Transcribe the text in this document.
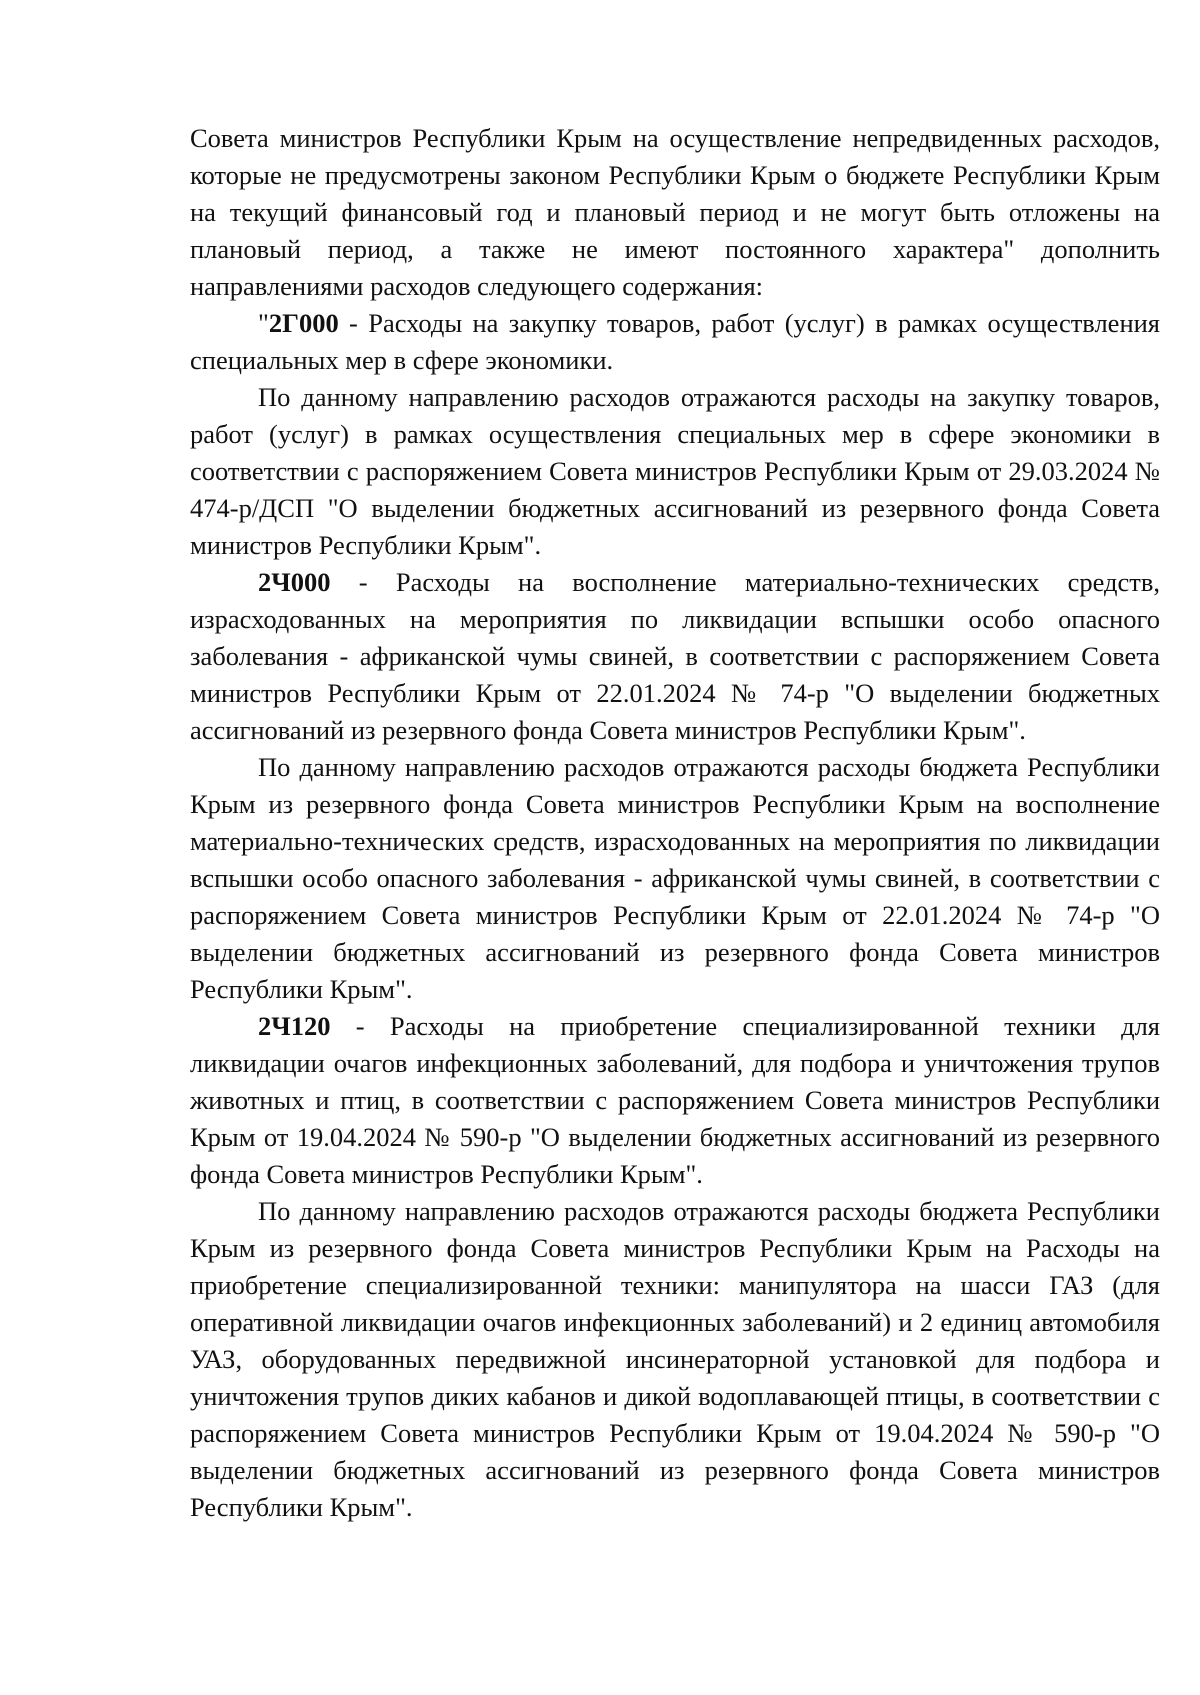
Совета министров Республики Крым на осуществление непредвиденных расходов, которые не предусмотрены законом Республики Крым о бюджете Республики Крым на текущий финансовый год и плановый период и не могут быть отложены на плановый период, а также не имеют постоянного характера" дополнить направлениями расходов следующего содержания:

"2Г000 - Расходы на закупку товаров, работ (услуг) в рамках осуществления специальных мер в сфере экономики.

По данному направлению расходов отражаются расходы на закупку товаров, работ (услуг) в рамках осуществления специальных мер в сфере экономики в соответствии с распоряжением Совета министров Республики Крым от 29.03.2024 № 474-р/ДСП "О выделении бюджетных ассигнований из резервного фонда Совета министров Республики Крым".

2Ч000 - Расходы на восполнение материально-технических средств, израсходованных на мероприятия по ликвидации вспышки особо опасного заболевания - африканской чумы свиней, в соответствии с распоряжением Совета министров Республики Крым от 22.01.2024 № 74-р "О выделении бюджетных ассигнований из резервного фонда Совета министров Республики Крым".

По данному направлению расходов отражаются расходы бюджета Республики Крым из резервного фонда Совета министров Республики Крым на восполнение материально-технических средств, израсходованных на мероприятия по ликвидации вспышки особо опасного заболевания - африканской чумы свиней, в соответствии с распоряжением Совета министров Республики Крым от 22.01.2024 № 74-р "О выделении бюджетных ассигнований из резервного фонда Совета министров Республики Крым".

2Ч120 - Расходы на приобретение специализированной техники для ликвидации очагов инфекционных заболеваний, для подбора и уничтожения трупов животных и птиц, в соответствии с распоряжением Совета министров Республики Крым от 19.04.2024 № 590-р "О выделении бюджетных ассигнований из резервного фонда Совета министров Республики Крым".

По данному направлению расходов отражаются расходы бюджета Республики Крым из резервного фонда Совета министров Республики Крым на Расходы на приобретение специализированной техники: манипулятора на шасси ГАЗ (для оперативной ликвидации очагов инфекционных заболеваний) и 2 единиц автомобиля УАЗ, оборудованных передвижной инсинераторной установкой для подбора и уничтожения трупов диких кабанов и дикой водоплавающей птицы, в соответствии с распоряжением Совета министров Республики Крым от 19.04.2024 № 590-р "О выделении бюджетных ассигнований из резервного фонда Совета министров Республики Крым".
